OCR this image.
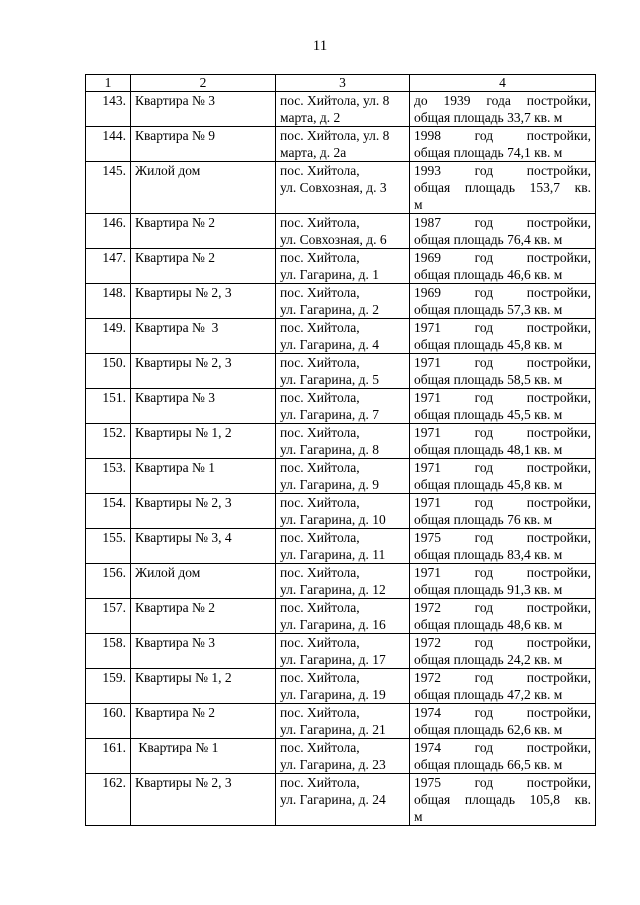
11
1	2	3	4
143.	Квартира № 3	пос. Хийтола, ул. 8
марта, д. 2	до 1939 года постройки,
общая площадь 33,7 кв. м

144.	Квартира № 9	пос. Хийтола, ул. 8
марта, д. 2а	1998 год постройки,
общая площадь 74,1 кв. м

145.	Жилой дом	пос. Хийтола,
ул. Совхозная, д. 3	1993 год постройки,
общая площадь 153,7 кв.
м

146.	Квартира № 2	пос. Хийтола,
ул. Совхозная, д. 6	1987 год постройки,
общая площадь 76,4 кв. м

147.	Квартира № 2	пос. Хийтола,
ул. Гагарина, д. 1	1969 год постройки,
общая площадь 46,6 кв. м

148.	Квартиры № 2, 3	пос. Хийтола,
ул. Гагарина, д. 2	1969 год постройки,
общая площадь 57,3 кв. м

149.	Квартира №  3	пос. Хийтола,
ул. Гагарина, д. 4	1971 год постройки,
общая площадь 45,8 кв. м

150.	Квартиры № 2, 3	пос. Хийтола,
ул. Гагарина, д. 5	1971 год постройки,
общая площадь 58,5 кв. м

151.	Квартира № 3	пос. Хийтола,
ул. Гагарина, д. 7	1971 год постройки,
общая площадь 45,5 кв. м

152.	Квартиры № 1, 2	пос. Хийтола,
ул. Гагарина, д. 8	1971 год постройки,
общая площадь 48,1 кв. м

153.	Квартира № 1	пос. Хийтола,
ул. Гагарина, д. 9	1971 год постройки,
общая площадь 45,8 кв. м

154.	Квартиры № 2, 3	пос. Хийтола,
ул. Гагарина, д. 10	1971 год постройки,
общая площадь 76 кв. м

155.	Квартиры № 3, 4	пос. Хийтола,
ул. Гагарина, д. 11	1975 год постройки,
общая площадь 83,4 кв. м

156.	Жилой дом	пос. Хийтола,
ул. Гагарина, д. 12	1971 год постройки,
общая площадь 91,3 кв. м

157.	Квартира № 2	пос. Хийтола,
ул. Гагарина, д. 16	1972 год постройки,
общая площадь 48,6 кв. м

158.	Квартира № 3	пос. Хийтола,
ул. Гагарина, д. 17	1972 год постройки,
общая площадь 24,2 кв. м

159.	Квартиры № 1, 2	пос. Хийтола,
ул. Гагарина, д. 19	1972 год постройки,
общая площадь 47,2 кв. м

160.	Квартира № 2	пос. Хийтола,
ул. Гагарина, д. 21	1974 год постройки,
общая площадь 62,6 кв. м

161.	Квартира № 1	пос. Хийтола,
ул. Гагарина, д. 23	1974 год постройки,
общая площадь 66,5 кв. м

162.	Квартиры № 2, 3	пос. Хийтола,
ул. Гагарина, д. 24	1975 год постройки,
общая площадь 105,8 кв.
м
